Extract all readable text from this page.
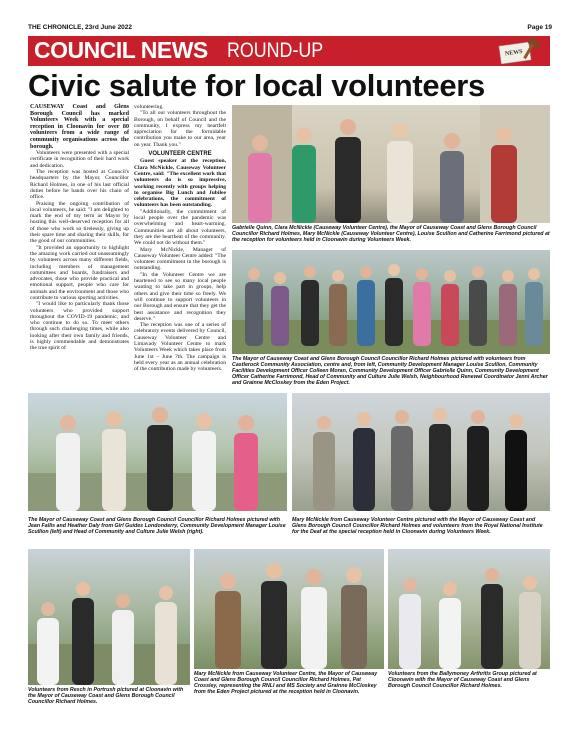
THE CHRONICLE, 23rd June 2022	Page 19
COUNCIL NEWS ROUND-UP	NEWS
Civic salute for local volunteers

CAUSEWAY Coast and Glens Borough Council has marked Volunteers Week with a special reception in Cloonavin for over 80 volunteers from a wide range of community organisations across the borough.

Volunteers were presented with a special certificate in recognition of their hard work and dedication.

The reception was hosted at Council's headquarters by the Mayor, Councillor Richard Holmes, in one of his last official duties before he hands over his chain of office.

Praising the ongoing contribution of local volunteers, he said: "I am delighted to mark the end of my term as Mayor by hosting this well-deserved reception for all of those who work so tirelessly, giving up their spare time and sharing their skills, for the good of our communities.

"It provided an opportunity to highlight the amazing work carried out unassumingly by volunteers across many different fields, including members of management committees and boards, fundraisers and advocates, those who provide practical and emotional support, people who care for animals and the environment and those who contribute to various sporting activities.

"I would like to particularly thank those volunteers who provided support throughout the COVID-19 pandemic, and who continue to do so. To meet others through such challenging times, while also looking after their own family and friends, is highly commendable and demonstrates the true spirit of

volunteering.

"To all our volunteers throughout the Borough, on behalf of Council and the community, I express my heartfelt appreciation for the formidable contribution you make to our area, year on year. Thank you."

VOLUNTEER CENTRE

Guest speaker at the reception, Clara McNickle, Causeway Volunteer Centre, said: "The excellent work that volunteers do is so impressive, working recently with groups helping to organise Big Lunch and Jubilee celebrations, the commitment of volunteers has been outstanding.

"Additionally, the commitment of local people over the pandemic was overwhelming and heart-warming. Communities are all about volunteers, they are the heartbeat of the community. We could not do without them."

Mary McNickle, Manager of Causeway Volunteer Centre added: "The volunteer commitment in the borough is outstanding.

"In the Volunteer Centre we are heartened to see so many local people wanting to take part in groups, help others and give their time so freely. We will continue to support volunteers in our Borough and ensure that they get the best assistance and recognition they deserve."

The reception was one of a series of celebratory events delivered by Council, Causeway Volunteer Centre and Limavady Volunteer Centre to mark Volunteers Week which takes place from June 1st – June 7th. The campaign is held every year as an annual celebration of the contribution made by volunteers.

Gabrielle Quinn, Clara McNickle (Causeway Volunteer Centre), the Mayor of Causeway Coast and Glens Borough Council Councillor Richard Holmes, Mary McNickle (Causeway Volunteer Centre), Louise Scullion and Catherine Farrimond pictured at the reception for volunteers held in Cloonavin during Volunteers Week.
The Mayor of Causeway Coast and Glens Borough Council Councillor Richard Holmes pictured with volunteers from Castlerock Community Association, centre and, from left, Community Development Manager Louise Scullion, Community Facilities Development Officer Colleen Moran, Community Development Officer Gabrielle Quinn, Community Development Officer Catherine Farrimond, Head of Community and Culture Julie Welsh, Neighbourhood Renewal Coordinator Jenni Archer and Grainne McCloskey from the Eden Project.
The Mayor of Causeway Coast and Glens Borough Council Councillor Richard Holmes pictured with Jean Fallis and Heather Daly from Girl Guides Londonderry, Community Development Manager Louise Scullion (left) and Head of Community and Culture Julie Welsh (right).
Mary McNickle from Causeway Volunteer Centre pictured with the Mayor of Causeway Coast and Glens Borough Council Councillor Richard Holmes and volunteers from the Royal National Institute for the Deaf at the special reception held in Cloonavin during Volunteers Week.
Volunteers from Resch in Portrush pictured at Cloonavin with the Mayor of Causeway Coast and Glens Borough Council Councillor Richard Holmes.
Mary McNickle from Causeway Volunteer Centre, the Mayor of Causeway Coast and Glens Borough Council Councillor Richard Holmes, Pat Crossley, representing the RNLI and MS Society and Grainne McCloskey from the Eden Project pictured at the reception held in Cloonavin.
Volunteers from the Ballymoney Arthritis Group pictured at Cloonavin with the Mayor of Causeway Coast and Glens Borough Council Councillor Richard Holmes.
